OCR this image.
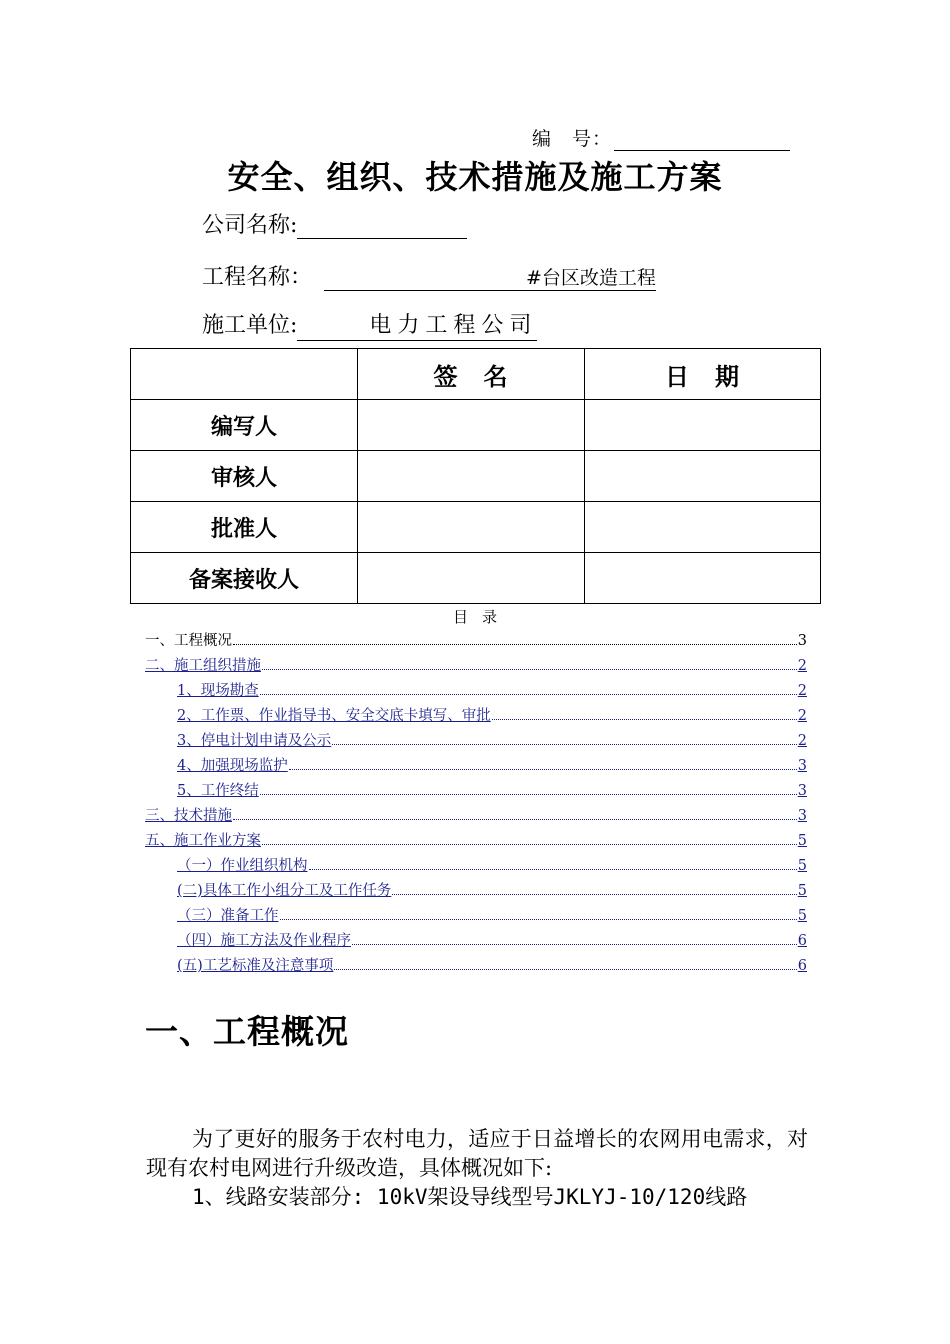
编　号：
安全、组织、技术措施及施工方案
公司名称:
工程名称：	#台区改造工程
施工单位:	电力工程公司
	签　名	日　期
编写人		
审核人		
批准人		
备案接收人		
目录
一、工程概况	3
二、施工组织措施	2
1、现场勘查	2
2、工作票、作业指导书、安全交底卡填写、审批	2
3、停电计划申请及公示	2
4、加强现场监护	3
5、工作终结	3
三、技术措施	3
五、施工作业方案	5
（一）作业组织机构	5
(二)具体工作小组分工及工作任务	5
（三）准备工作	5
（四）施工方法及作业程序	6
(五)工艺标准及注意事项	6
一、工程概况

为了更好的服务于农村电力，适应于日益增长的农网用电需求，对现有农村电网进行升级改造，具体概况如下:

1、线路安装部分: 10kV架设导线型号JKLYJ-10/120线路
